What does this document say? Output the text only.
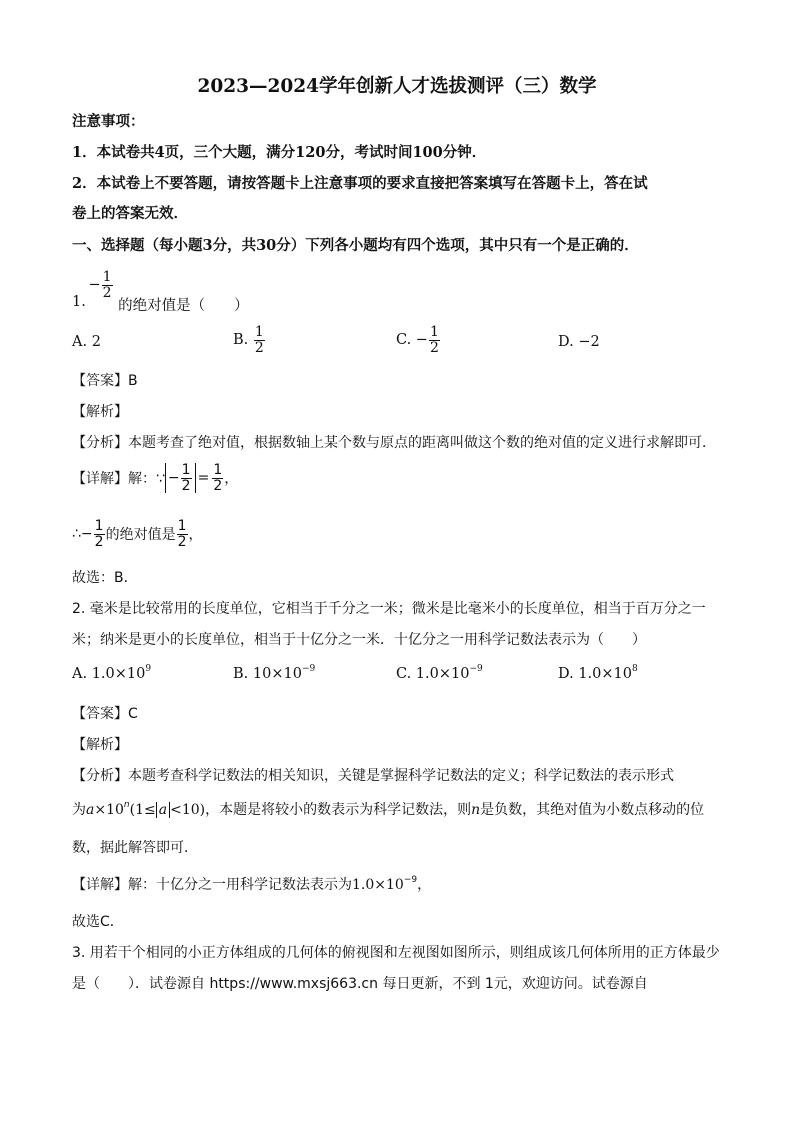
2023—2024学年创新人才选拔测评（三）数学
注意事项：
1．本试卷共4页，三个大题，满分120分，考试时间100分钟．
2．本试卷上不要答题，请按答题卡上注意事项的要求直接把答案填写在答题卡上，答在试
卷上的答案无效．
一、选择题（每小题3分，共30分）下列各小题均有四个选项，其中只有一个是正确的．
1. − $\frac{1}{2}$
的绝对值是（　　）
A. 2	B. $\frac{1}{2}$	C. − $\frac{1}{2}$	D. −2
【答案】B
【解析】
【分析】本题考查了绝对值，根据数轴上某个数与原点的距离叫做这个数的绝对值的定义进行求解即可．
【详解】解：∵ − $\frac{1}{2} = \frac{1}{2}$ ，
∴− $\frac{1}{2}$ 的绝对值是 $\frac{1}{2}$ ，
故选：B．
2. 毫米是比较常用的长度单位，它相当于千分之一米；微米是比毫米小的长度单位，相当于百万分之一
米；纳米是更小的长度单位，相当于十亿分之一米．十亿分之一用科学记数法表示为（　　）
A. $1.0\times 10^9$	B. $10\times 10^{-9}$	C. $1.0\times 10^{-9}$	D. $1.0\times 10^8$
【答案】C
【解析】
【分析】本题考查科学记数法的相关知识，关键是掌握科学记数法的定义；科学记数法的表示形式
为$a\times 10^n(1\le a <10)$，本题是将较小的数表示为科学记数法，则n是负数，其绝对值为小数点移动的位
数，据此解答即可．
【详解】解：十亿分之一用科学记数法表示为$1.0\times 10^{-9}$，
故选C．
3. 用若干个相同的小正方体组成的几何体的俯视图和左视图如图所示，则组成该几何体所用的正方体最少
是（　　）．试卷源自 https://www.mxsj663.cn 每日更新，不到 1元，欢迎访问。试卷源自
